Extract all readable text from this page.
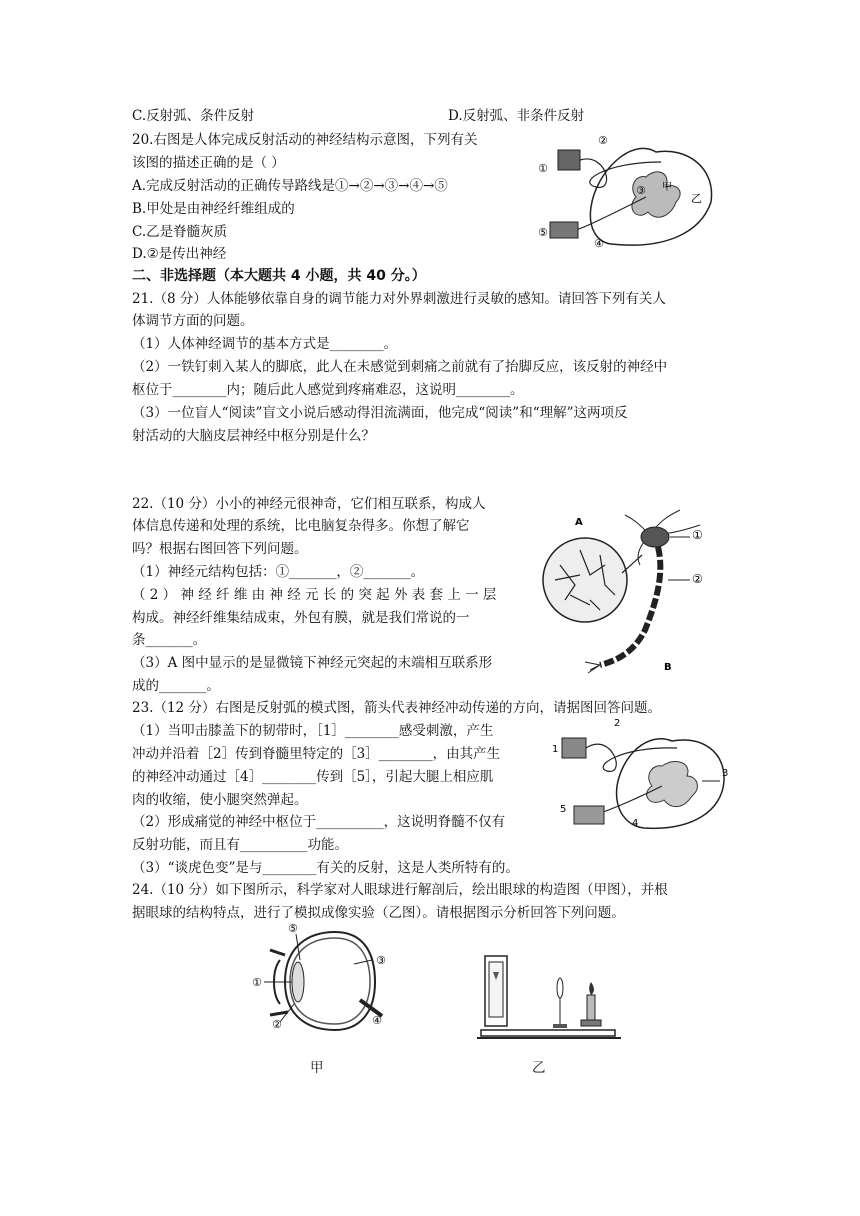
C.反射弧、条件反射	D.反射弧、非条件反射
20.右图是人体完成反射活动的神经结构示意图，下列有关
该图的描述正确的是（ ）
A.完成反射活动的正确传导路线是①→②→③→④→⑤
B.甲处是由神经纤维组成的
C.乙是脊髓灰质
D.②是传出神经
二、非选择题（本大题共 4 小题，共 40 分。）
21.（8 分）人体能够依靠自身的调节能力对外界刺激进行灵敏的感知。请回答下列有关人
体调节方面的问题。
（1）人体神经调节的基本方式是________。
（2）一铁钉刺入某人的脚底，此人在未感觉到刺痛之前就有了抬脚反应，该反射的神经中
枢位于________内；随后此人感觉到疼痛难忍，这说明________。
（3）一位盲人“阅读”盲文小说后感动得泪流满面，他完成“阅读”和“理解”这两项反
射活动的大脑皮层神经中枢分别是什么？
22.（10 分）小小的神经元很神奇，它们相互联系，构成人
体信息传递和处理的系统，比电脑复杂得多。你想了解它
吗？根据右图回答下列问题。
（1）神经元结构包括：①_______，②_______。
（ 2 ） 神 经 纤 维 由 神 经 元 长 的 突 起 外 表 套 上 一 层
构成。神经纤维集结成束，外包有膜，就是我们常说的一
条_______。
（3）A 图中显示的是显微镜下神经元突起的末端相互联系形
成的_______。
23.（12 分）右图是反射弧的模式图，箭头代表神经冲动传递的方向，请据图回答问题。
（1）当叩击膝盖下的韧带时，［1］________感受刺激，产生
冲动并沿着［2］传到脊髓里特定的［3］________，由其产生
的神经冲动通过［4］________传到［5］，引起大腿上相应肌
肉的收缩，使小腿突然弹起。
（2）形成痛觉的神经中枢位于__________，这说明脊髓不仅有
反射功能，而且有__________功能。
（3）“谈虎色变”是与________有关的反射，这是人类所特有的。
24.（10 分）如下图所示，科学家对人眼球进行解剖后，绘出眼球的构造图（甲图），并根
据眼球的结构特点，进行了模拟成像实验（乙图）。请根据图示分析回答下列问题。
①
②
③
④
⑤
甲
乙
A
①
②
B
1
2
3
4
5
①
②
③
④
⑤
甲	乙
